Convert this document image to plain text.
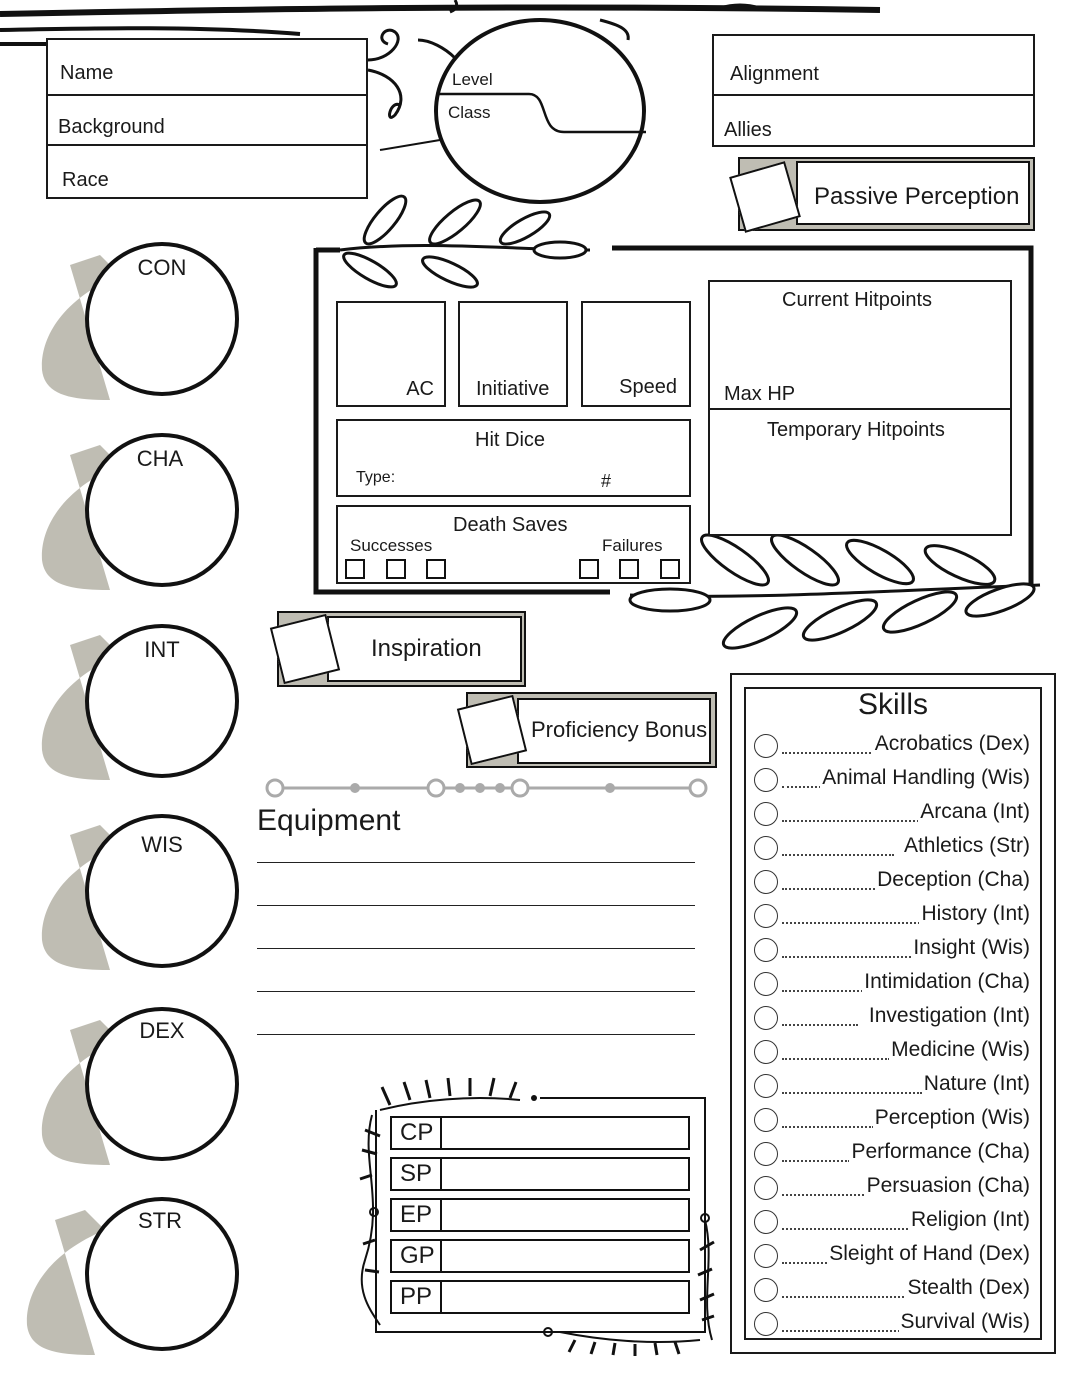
Name
Background
Race
Level
Class
Alignment
Allies
Passive Perception
CON
CHA
INT
WIS
DEX
STR
AC Initiative	Speed
Hit Dice
Type:	#
Death Saves
Successes	Failures
Current Hitpoints
Max HP
Temporary Hitpoints
Inspiration
Proficiency Bonus
Equipment
CP
SP
EP
GP
PP
Skills
Acrobatics (Dex)
Animal Handling (Wis)
Arcana (Int)
Athletics (Str)
Deception (Cha)
History (Int)
Insight (Wis)
Intimidation (Cha)
Investigation (Int)
Medicine (Wis)
Nature (Int)
Perception (Wis)
Performance (Cha)
Persuasion (Cha)
Religion (Int)
Sleight of Hand (Dex)
Stealth (Dex)
Survival (Wis)
